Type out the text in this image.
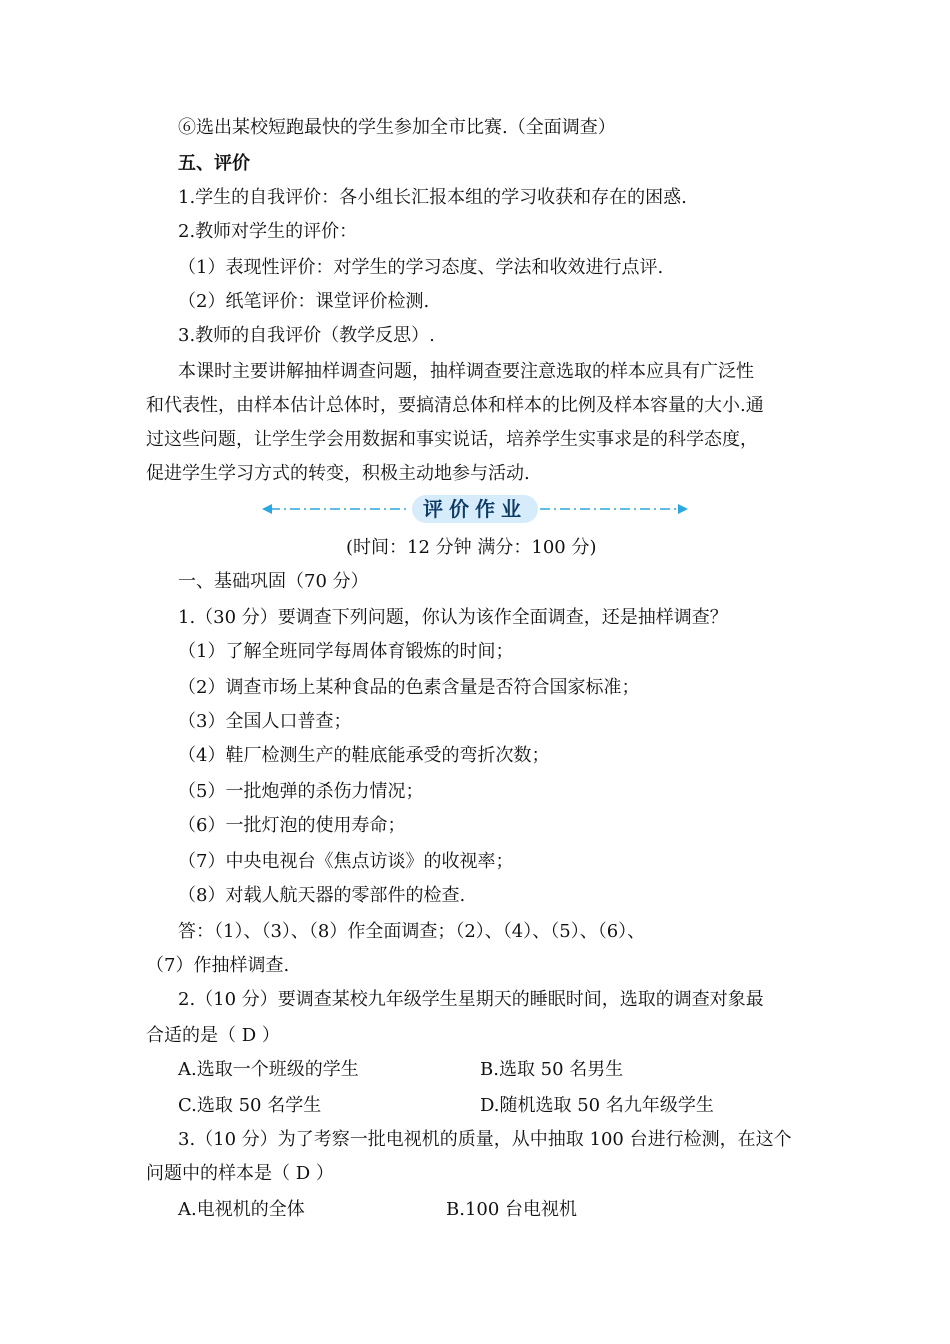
⑥选出某校短跑最快的学生参加全市比赛.（全面调查）
五、评价
1.学生的自我评价：各小组长汇报本组的学习收获和存在的困惑.
2.教师对学生的评价：
（1）表现性评价：对学生的学习态度、学法和收效进行点评.
（2）纸笔评价：课堂评价检测.
3.教师的自我评价（教学反思）.
本课时主要讲解抽样调查问题，抽样调查要注意选取的样本应具有广泛性
和代表性，由样本估计总体时，要搞清总体和样本的比例及样本容量的大小.通
过这些问题，让学生学会用数据和事实说话，培养学生实事求是的科学态度，
促进学生学习方式的转变，积极主动地参与活动.
评价作业
(时间：12 分钟 满分：100 分)
一、基础巩固（70 分）
1.（30 分）要调查下列问题，你认为该作全面调查，还是抽样调查？
（1）了解全班同学每周体育锻炼的时间；
（2）调查市场上某种食品的色素含量是否符合国家标准；
（3）全国人口普查；
（4）鞋厂检测生产的鞋底能承受的弯折次数；
（5）一批炮弹的杀伤力情况；
（6）一批灯泡的使用寿命；
（7）中央电视台《焦点访谈》的收视率；
（8）对载人航天器的零部件的检查.
答：（1）、（3）、（8）作全面调查；（2）、（4）、（5）、（6）、
（7）作抽样调查.
2.（10 分）要调查某校九年级学生星期天的睡眠时间，选取的调查对象最
合适的是（ D ）
A.选取一个班级的学生	B.选取 50 名男生
C.选取 50 名学生	D.随机选取 50 名九年级学生
3.（10 分）为了考察一批电视机的质量，从中抽取 100 台进行检测，在这个
问题中的样本是（ D ）
A.电视机的全体	B.100 台电视机
